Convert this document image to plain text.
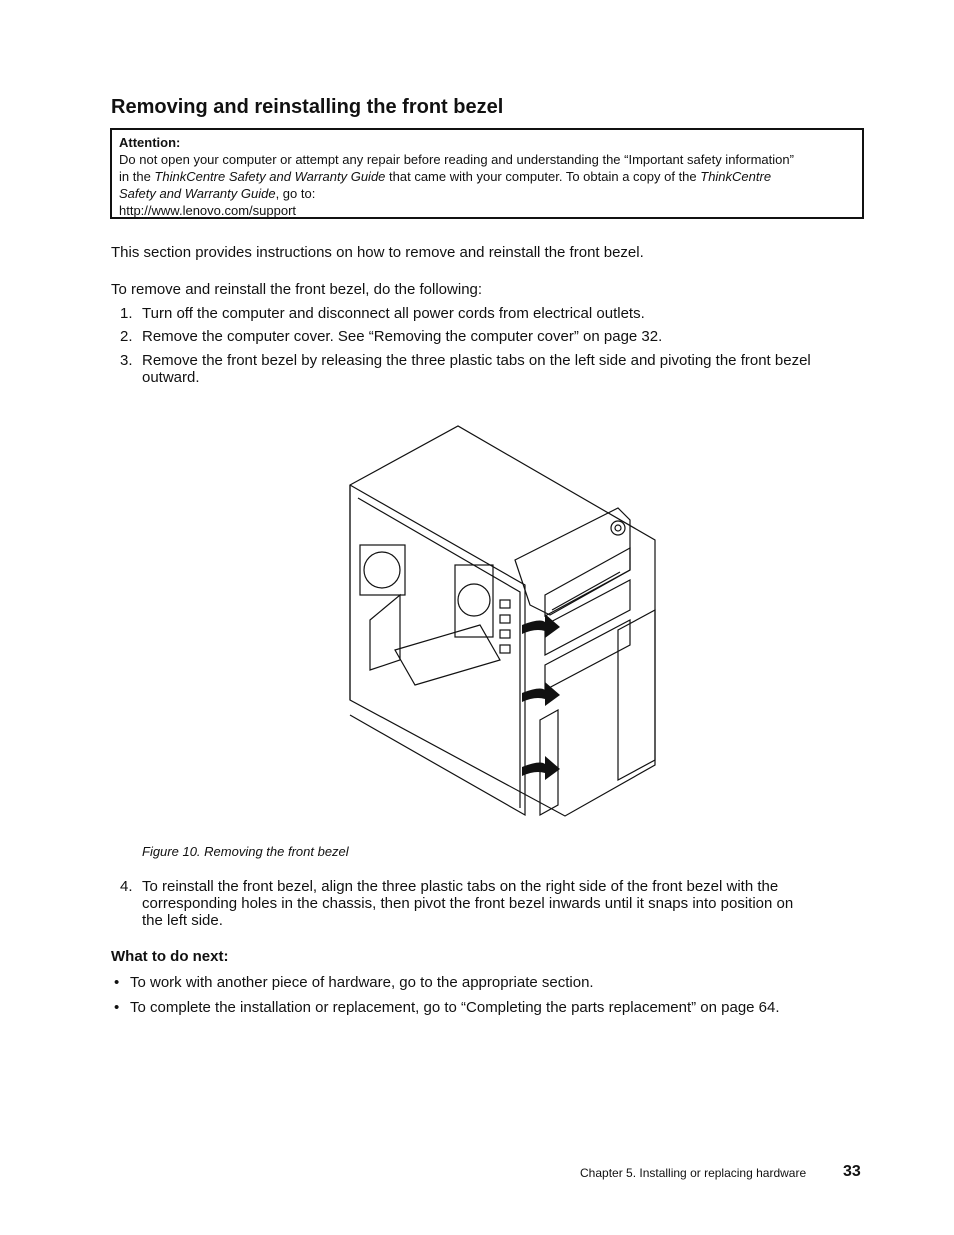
Removing and reinstalling the front bezel
Attention:
Do not open your computer or attempt any repair before reading and understanding the “Important safety information”
in the ThinkCentre Safety and Warranty Guide that came with your computer. To obtain a copy of the ThinkCentre
Safety and Warranty Guide, go to:
http://www.lenovo.com/support
This section provides instructions on how to remove and reinstall the front bezel.
To remove and reinstall the front bezel, do the following:
1. Turn off the computer and disconnect all power cords from electrical outlets.
2. Remove the computer cover. See “Removing the computer cover” on page 32.
3. Remove the front bezel by releasing the three plastic tabs on the left side and pivoting the front bezel
outward.
Figure 10. Removing the front bezel
4. To reinstall the front bezel, align the three plastic tabs on the right side of the front bezel with the
corresponding holes in the chassis, then pivot the front bezel inwards until it snaps into position on
the left side.
What to do next:
• To work with another piece of hardware, go to the appropriate section.
• To complete the installation or replacement, go to “Completing the parts replacement” on page 64.
Chapter 5. Installing or replacing hardware 33
